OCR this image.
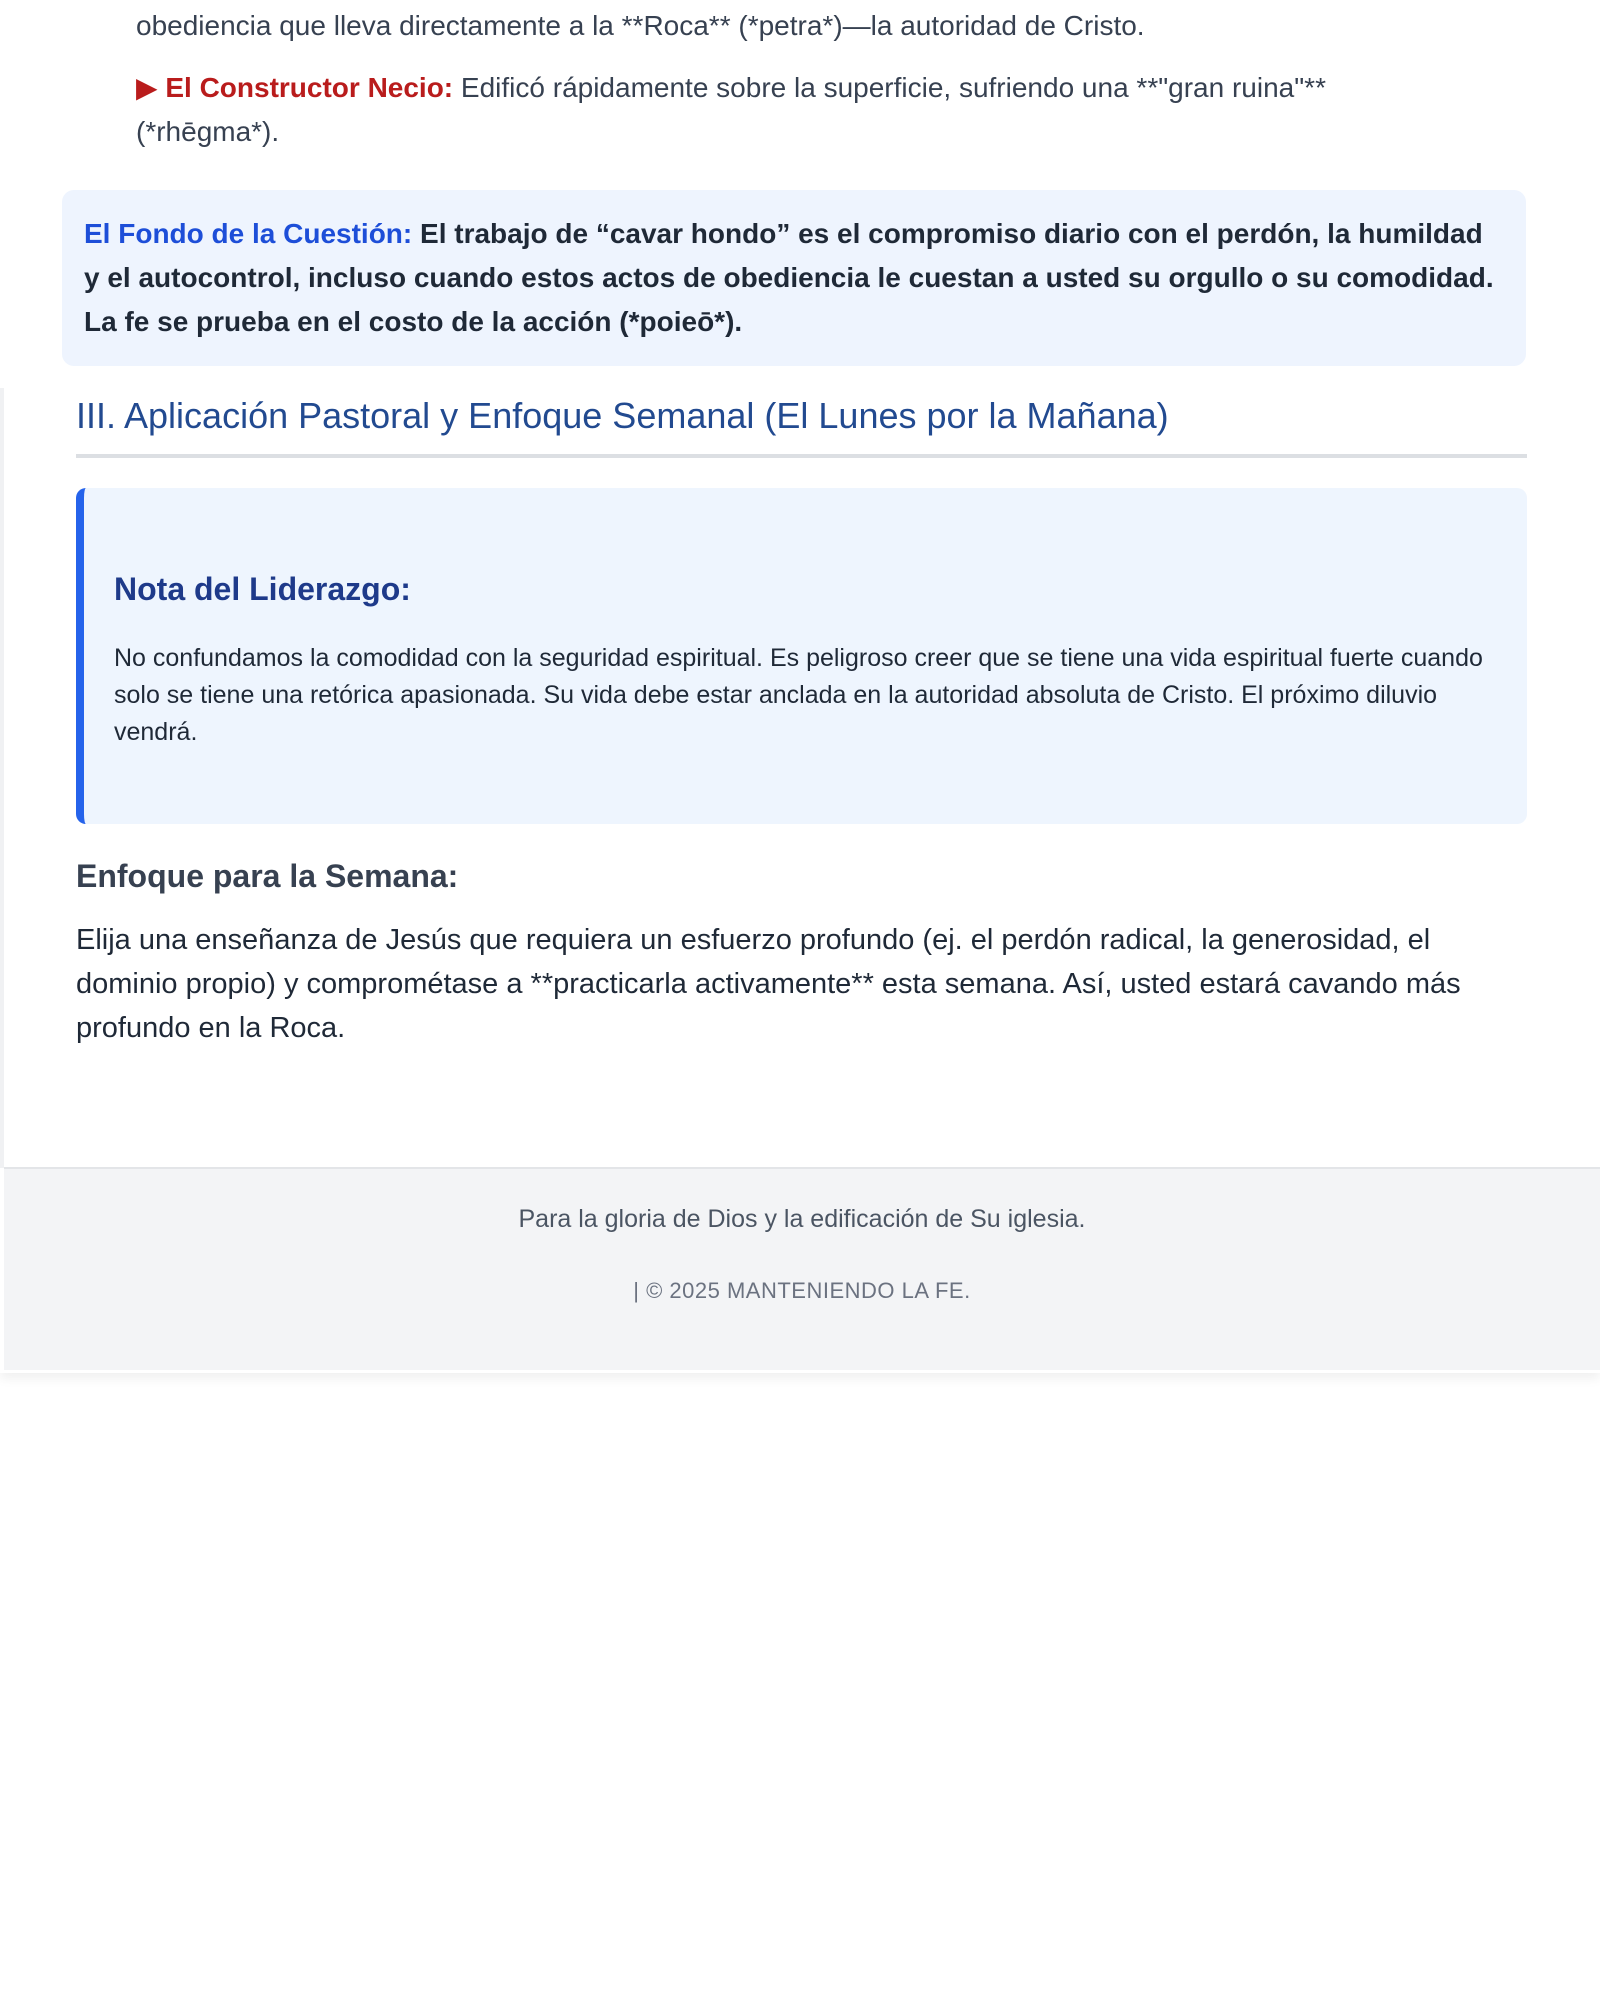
obediencia que lleva directamente a la **Roca** (*petra*)—la autoridad de Cristo.
▶ El Constructor Necio: Edificó rápidamente sobre la superficie, sufriendo una **"gran ruina"** (*rhēgma*).
El Fondo de la Cuestión: El trabajo de “cavar hondo” es el compromiso diario con el perdón, la humildad y el autocontrol, incluso cuando estos actos de obediencia le cuestan a usted su orgullo o su comodidad. La fe se prueba en el costo de la acción (*poieō*).
III. Aplicación Pastoral y Enfoque Semanal (El Lunes por la Mañana)
Nota del Liderazgo:

No confundamos la comodidad con la seguridad espiritual. Es peligroso creer que se tiene una vida espiritual fuerte cuando solo se tiene una retórica apasionada. Su vida debe estar anclada en la autoridad absoluta de Cristo. El próximo diluvio vendrá.

Enfoque para la Semana:
Elija una enseñanza de Jesús que requiera un esfuerzo profundo (ej. el perdón radical, la generosidad, el dominio propio) y comprométase a **practicarla activamente** esta semana. Así, usted estará cavando más profundo en la Roca.
Para la gloria de Dios y la edificación de Su iglesia.
| © 2025 MANTENIENDO LA FE.
